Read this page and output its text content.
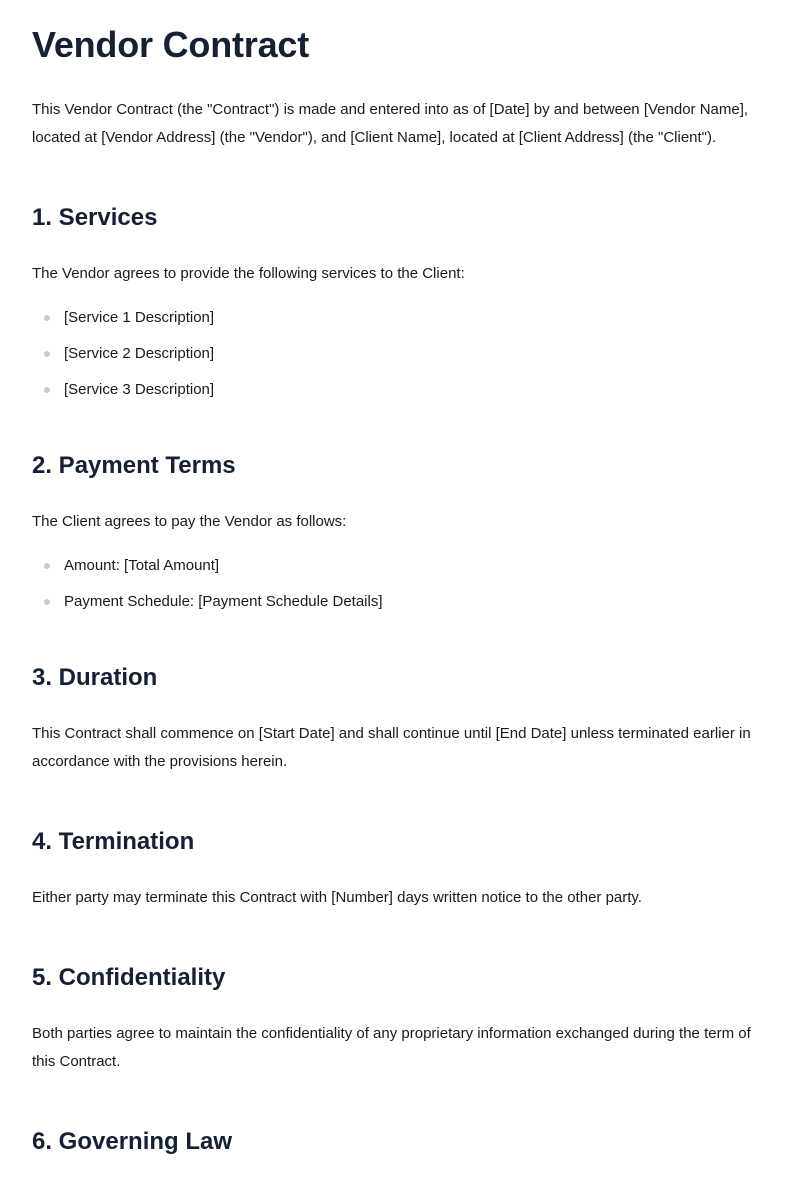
Vendor Contract

This Vendor Contract (the "Contract") is made and entered into as of [Date] by and between [Vendor Name], located at [Vendor Address] (the "Vendor"), and [Client Name], located at [Client Address] (the "Client").

1. Services

The Vendor agrees to provide the following services to the Client:

[Service 1 Description]
[Service 2 Description]
[Service 3 Description]
2. Payment Terms

The Client agrees to pay the Vendor as follows:

Amount: [Total Amount]
Payment Schedule: [Payment Schedule Details]
3. Duration

This Contract shall commence on [Start Date] and shall continue until [End Date] unless terminated earlier in accordance with the provisions herein.

4. Termination

Either party may terminate this Contract with [Number] days written notice to the other party.

5. Confidentiality

Both parties agree to maintain the confidentiality of any proprietary information exchanged during the term of this Contract.

6. Governing Law
